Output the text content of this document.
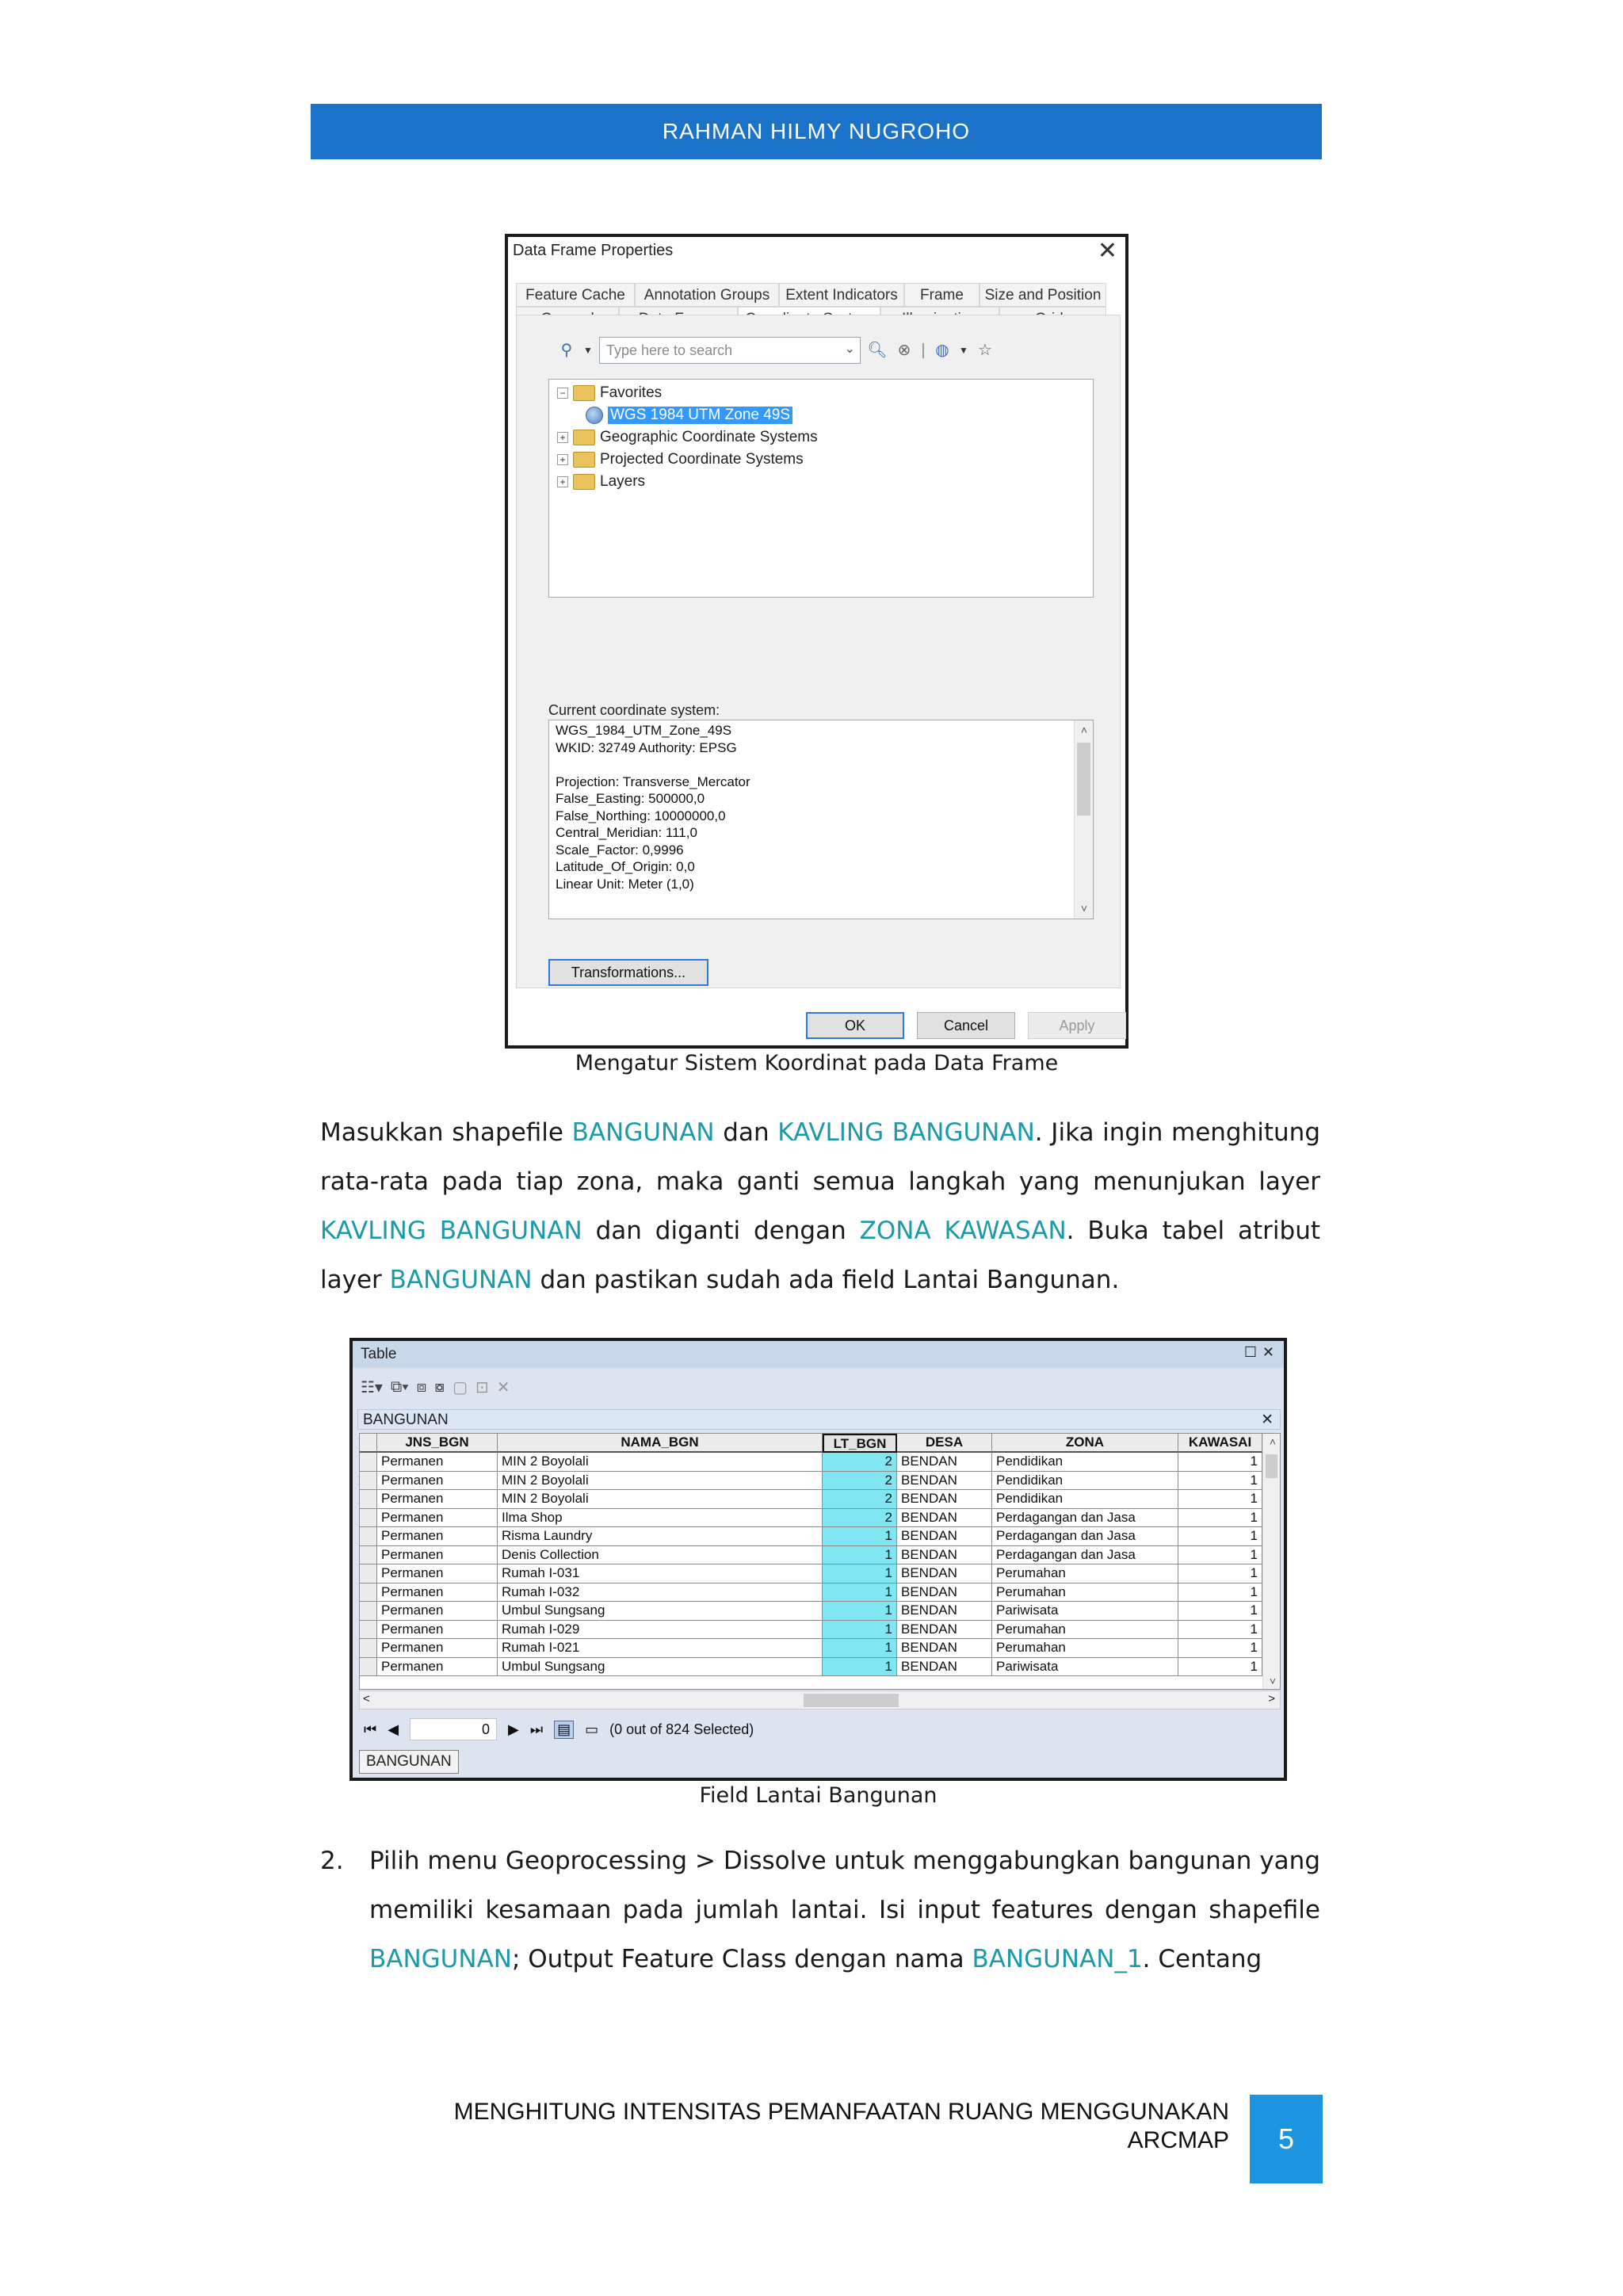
RAHMAN HILMY NUGROHO
Data Frame Properties	✕
Feature Cache	Annotation Groups	Extent Indicators	Frame	Size and Position
⚲	▼ Type here to search	⌄ 🔍︎ ⊗ | ◍	▼ ☆
− Favorites
WGS 1984 UTM Zone 49S
+ Geographic Coordinate Systems
+ Projected Coordinate Systems
+ Layers
Current coordinate system:
WGS_1984_UTM_Zone_49S
WKID: 32749 Authority: EPSG
Projection: Transverse_Mercator
False_Easting: 500000,0
False_Northing: 10000000,0
Central_Meridian: 111,0
Scale_Factor: 0,9996
Latitude_Of_Origin: 0,0
Linear Unit: Meter (1,0)
˄
˅
Transformations...
OK	Cancel	Apply
Mengatur Sistem Koordinat pada Data Frame
Masukkan shapefile BANGUNAN dan KAVLING BANGUNAN. Jika ingin menghitung rata-rata pada tiap zona, maka ganti semua langkah yang menunjukan layer KAVLING BANGUNAN dan diganti dengan ZONA KAWASAN. Buka tabel atribut layer BANGUNAN dan pastikan sudah ada field Lantai Bangunan.
Table	☐ ✕
☷▾ ⧉▾ ⧈ ⧇ ▢ ⊡ ✕
BANGUNAN	✕
JNS_BGN	NAMA_BGN	LT_BGN	DESA	ZONA	KAWASAI
Permanen	MIN 2 Boyolali	2 BENDAN	Pendidikan	1
Permanen	MIN 2 Boyolali	2 BENDAN	Pendidikan	1
Permanen	MIN 2 Boyolali	2 BENDAN	Pendidikan	1
Permanen	Ilma Shop	2 BENDAN	Perdagangan dan Jasa	1
Permanen	Risma Laundry	1 BENDAN	Perdagangan dan Jasa	1
Permanen	Denis Collection	1 BENDAN	Perdagangan dan Jasa	1
Permanen	Rumah I-031	1 BENDAN	Perumahan	1
Permanen	Rumah I-032	1 BENDAN	Perumahan	1
Permanen	Umbul Sungsang	1 BENDAN	Pariwisata	1
Permanen	Rumah I-029	1 BENDAN	Perumahan	1
Permanen	Rumah I-021	1 BENDAN	Perumahan	1
Permanen	Umbul Sungsang	1 BENDAN	Pariwisata	1
˄
˅
˂	˃
⏮ ◀	0	▶ ⏭ ▤ ▭ (0 out of 824 Selected)
BANGUNAN
Field Lantai Bangunan
2. Pilih menu Geoprocessing > Dissolve untuk menggabungkan bangunan yang memiliki kesamaan pada jumlah lantai. Isi input features dengan shapefile BANGUNAN; Output Feature Class dengan nama BANGUNAN_1. Centang
MENGHITUNG INTENSITAS PEMANFAATAN RUANG MENGGUNAKAN
ARCMAP	5
